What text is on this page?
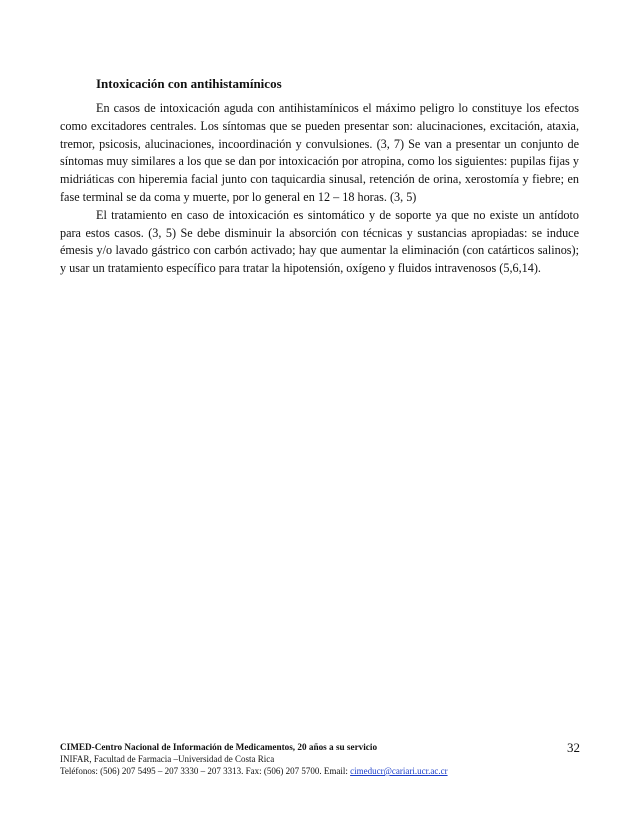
Intoxicación con antihistamínicos

En casos de intoxicación aguda con antihistamínicos el máximo peligro lo constituye los efectos como excitadores centrales. Los síntomas que se pueden presentar son: alucinaciones, excitación, ataxia, tremor, psicosis, alucinaciones, incoordinación y convulsiones. (3, 7) Se van a presentar un conjunto de síntomas muy similares a los que se dan por intoxicación por atropina, como los siguientes: pupilas fijas y midriáticas con hiperemia facial junto con taquicardia sinusal, retención de orina, xerostomía y fiebre; en fase terminal se da coma y muerte, por lo general en 12 – 18 horas. (3, 5)

El tratamiento en caso de intoxicación es sintomático y de soporte ya que no existe un antídoto para estos casos. (3, 5) Se debe disminuir la absorción con técnicas y sustancias apropiadas: se induce émesis y/o lavado gástrico con carbón activado; hay que aumentar la eliminación (con catárticos salinos); y usar un tratamiento específico para tratar la hipotensión, oxígeno y fluidos intravenosos (5,6,14).

CIMED-Centro Nacional de Información de Medicamentos, 20 años a su servicio
INIFAR, Facultad de Farmacia –Universidad de Costa Rica
Teléfonos: (506) 207 5495 – 207 3330 – 207 3313. Fax: (506) 207 5700. Email: cimeducr@cariari.ucr.ac.cr
32
